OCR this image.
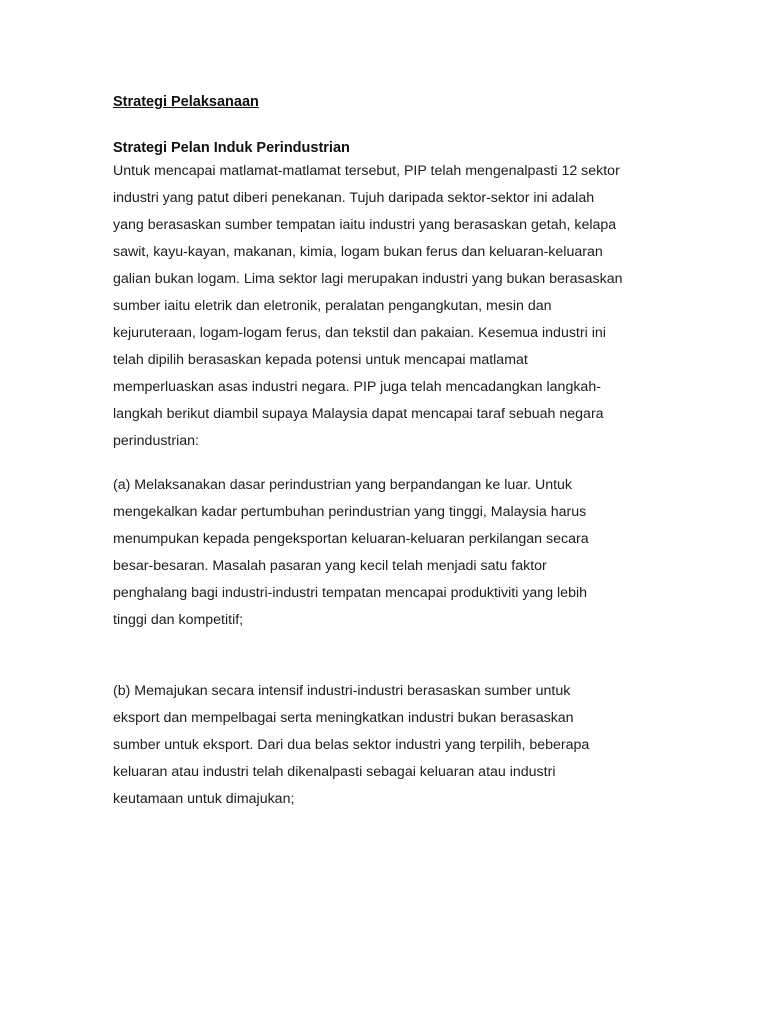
Strategi Pelaksanaan

Strategi Pelan Induk Perindustrian

Untuk mencapai matlamat-matlamat tersebut, PIP telah mengenalpasti 12 sektor
industri yang patut diberi penekanan. Tujuh daripada sektor-sektor ini adalah
yang berasaskan sumber tempatan iaitu industri yang berasaskan getah, kelapa
sawit, kayu-kayan, makanan, kimia, logam bukan ferus dan keluaran-keluaran
galian bukan logam. Lima sektor lagi merupakan industri yang bukan berasaskan
sumber iaitu eletrik dan eletronik, peralatan pengangkutan, mesin dan
kejuruteraan, logam-logam ferus, dan tekstil dan pakaian. Kesemua industri ini
telah dipilih berasaskan kepada potensi untuk mencapai matlamat
memperluaskan asas industri negara. PIP juga telah mencadangkan langkah-
langkah berikut diambil supaya Malaysia dapat mencapai taraf sebuah negara
perindustrian:

(a) Melaksanakan dasar perindustrian yang berpandangan ke luar. Untuk
mengekalkan kadar pertumbuhan perindustrian yang tinggi, Malaysia harus
menumpukan kepada pengeksportan keluaran-keluaran perkilangan secara
besar-besaran. Masalah pasaran yang kecil telah menjadi satu faktor
penghalang bagi industri-industri tempatan mencapai produktiviti yang lebih
tinggi dan kompetitif;

(b) Memajukan secara intensif industri-industri berasaskan sumber untuk
eksport dan mempelbagai serta meningkatkan industri bukan berasaskan
sumber untuk eksport. Dari dua belas sektor industri yang terpilih, beberapa
keluaran atau industri telah dikenalpasti sebagai keluaran atau industri
keutamaan untuk dimajukan;
